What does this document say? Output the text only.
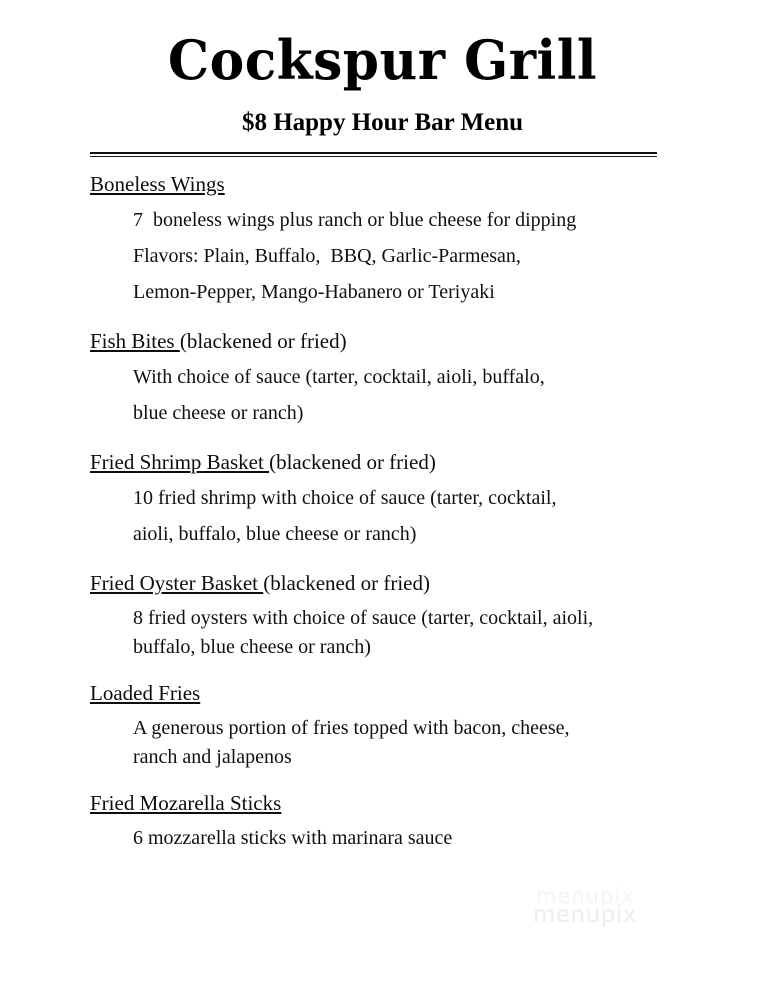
Cockspur Grill
$8 Happy Hour Bar Menu
Boneless Wings
7  boneless wings plus ranch or blue cheese for dipping
Flavors: Plain, Buffalo,  BBQ, Garlic-Parmesan,
Lemon-Pepper, Mango-Habanero or Teriyaki
Fish Bites (blackened or fried)
With choice of sauce (tarter, cocktail, aioli, buffalo,
blue cheese or ranch)
Fried Shrimp Basket (blackened or fried)
10 fried shrimp with choice of sauce (tarter, cocktail,
aioli, buffalo, blue cheese or ranch)
Fried Oyster Basket (blackened or fried)
8 fried oysters with choice of sauce (tarter, cocktail, aioli,
buffalo, blue cheese or ranch)
Loaded Fries
A generous portion of fries topped with bacon, cheese,
ranch and jalapenos
Fried Mozarella Sticks
6 mozzarella sticks with marinara sauce
menupix
menupix
